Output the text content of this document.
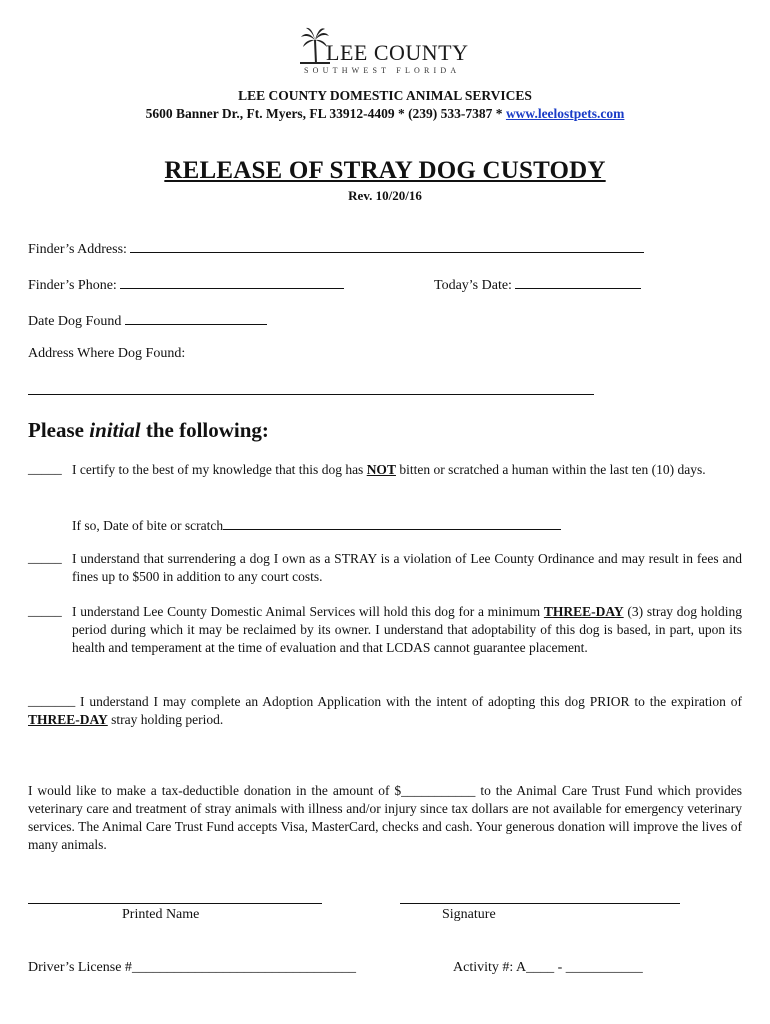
LEE COUNTY
SOUTHWEST FLORIDA
LEE COUNTY DOMESTIC ANIMAL SERVICES
5600 Banner Dr., Ft. Myers, FL 33912-4409 * (239) 533-7387 * www.leelostpets.com
RELEASE OF STRAY DOG CUSTODY
Rev. 10/20/16
Finder’s Address:
Finder’s Phone:	Today’s Date:
Date Dog Found
Address Where Dog Found:
Please initial the following:
_____ I certify to the best of my knowledge that this dog has NOT bitten or scratched a human within the last ten (10) days.
If so, Date of bite or scratch
_____ I understand that surrendering a dog I own as a STRAY is a violation of Lee County Ordinance and may result in fees and fines up to $500 in addition to any court costs.
_____ I understand Lee County Domestic Animal Services will hold this dog for a minimum THREE-DAY (3) stray dog holding period during which it may be reclaimed by its owner. I understand that adoptability of this dog is based, in part, upon its health and temperament at the time of evaluation and that LCDAS cannot guarantee placement.
_______ I understand I may complete an Adoption Application with the intent of adopting this dog PRIOR to the expiration of THREE-DAY stray holding period.
I would like to make a tax-deductible donation in the amount of $___________ to the Animal Care Trust Fund which provides veterinary care and treatment of stray animals with illness and/or injury since tax dollars are not available for emergency veterinary services. The Animal Care Trust Fund accepts Visa, MasterCard, checks and cash. Your generous donation will improve the lives of many animals.
Printed Name	Signature
Driver’s License #________________________________	Activity #: A____ - ___________
